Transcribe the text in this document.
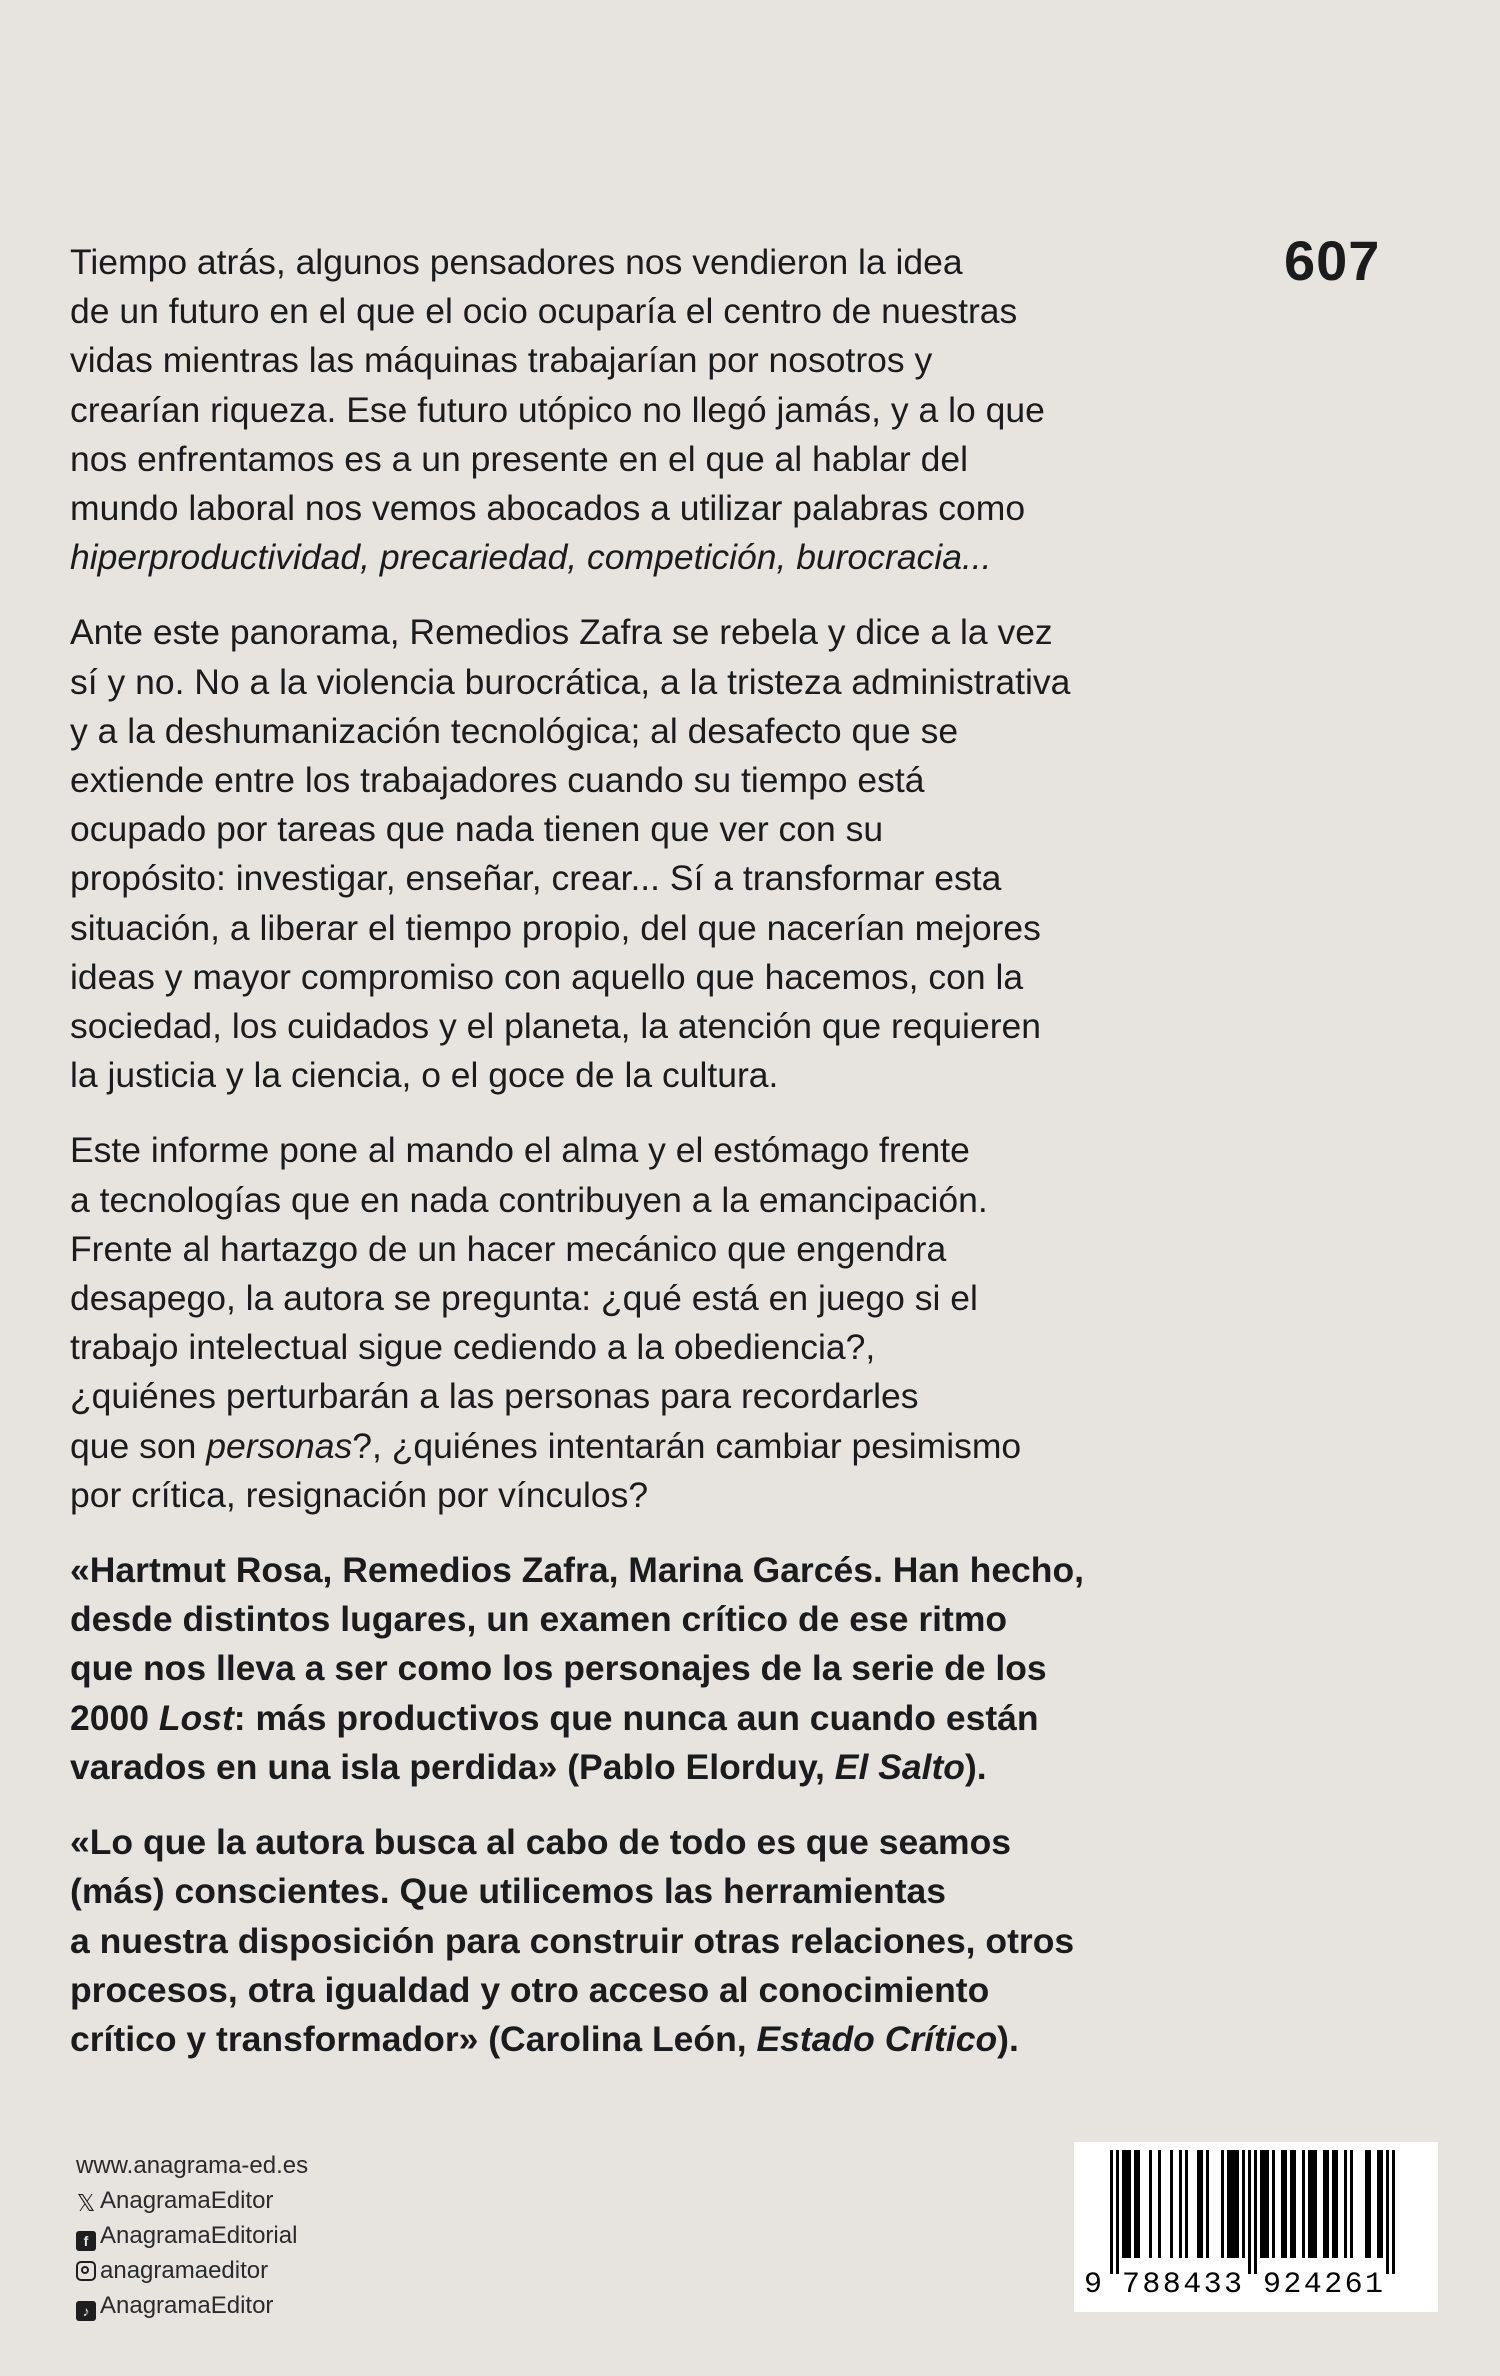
607

Tiempo atrás, algunos pensadores nos vendieron la idea
de un futuro en el que el ocio ocuparía el centro de nuestras
vidas mientras las máquinas trabajarían por nosotros y
crearían riqueza. Ese futuro utópico no llegó jamás, y a lo que
nos enfrentamos es a un presente en el que al hablar del
mundo laboral nos vemos abocados a utilizar palabras como
hiperproductividad, precariedad, competición, burocracia...

Ante este panorama, Remedios Zafra se rebela y dice a la vez
sí y no. No a la violencia burocrática, a la tristeza administrativa
y a la deshumanización tecnológica; al desafecto que se
extiende entre los trabajadores cuando su tiempo está
ocupado por tareas que nada tienen que ver con su
propósito: investigar, enseñar, crear... Sí a transformar esta
situación, a liberar el tiempo propio, del que nacerían mejores
ideas y mayor compromiso con aquello que hacemos, con la
sociedad, los cuidados y el planeta, la atención que requieren
la justicia y la ciencia, o el goce de la cultura.

Este informe pone al mando el alma y el estómago frente
a tecnologías que en nada contribuyen a la emancipación.
Frente al hartazgo de un hacer mecánico que engendra
desapego, la autora se pregunta: ¿qué está en juego si el
trabajo intelectual sigue cediendo a la obediencia?,
¿quiénes perturbarán a las personas para recordarles
que son personas?, ¿quiénes intentarán cambiar pesimismo
por crítica, resignación por vínculos?

«Hartmut Rosa, Remedios Zafra, Marina Garcés. Han hecho,
desde distintos lugares, un examen crítico de ese ritmo
que nos lleva a ser como los personajes de la serie de los
2000 Lost: más productivos que nunca aun cuando están
varados en una isla perdida» (Pablo Elorduy, El Salto).

«Lo que la autora busca al cabo de todo es que seamos
(más) conscientes. Que utilicemos las herramientas
a nuestra disposición para construir otras relaciones, otros
procesos, otra igualdad y otro acceso al conocimiento
crítico y transformador» (Carolina León, Estado Crítico).

www.anagrama-ed.es
𝕏 AnagramaEditor
f AnagramaEditorial
anagramaeditor
♪ AnagramaEditor
9 788433 924261
